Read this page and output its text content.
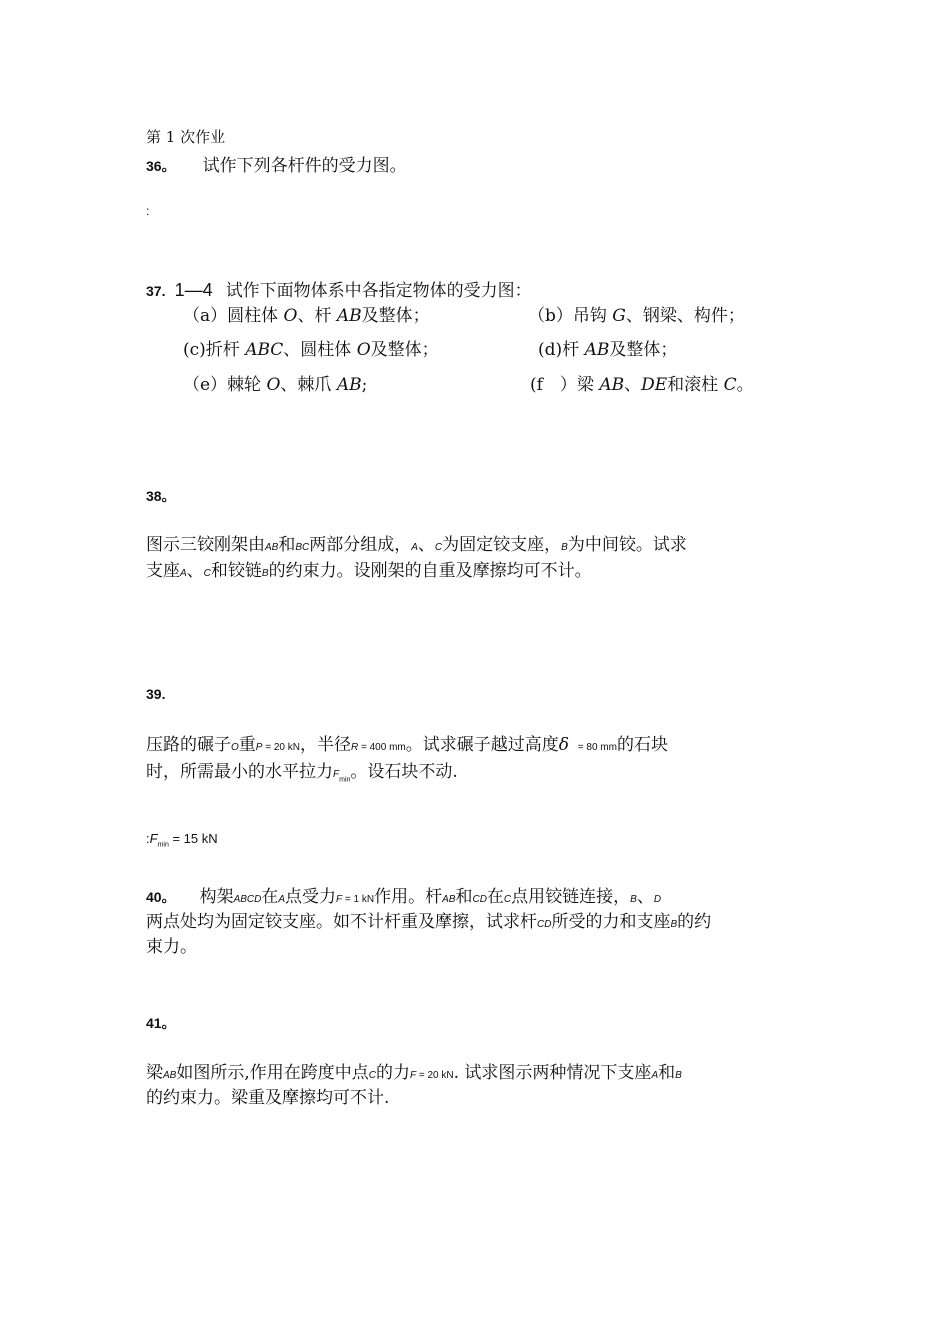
第 1 次作业
36。 试作下列各杆件的受力图。
:
37. 1—4 试作下面物体系中各指定物体的受力图：
（a）圆柱体 O、杆 AB及整体；	（b）吊钩 G、钢梁、构件；
(c)折杆 ABC、圆柱体 O及整体；	(d)杆 AB及整体；
（e）棘轮 O、棘爪 AB;	(f　）梁 AB、DE和滚柱 C。
38。
图示三铰刚架由AB和BC两部分组成，A、C为固定铰支座，B为中间铰。试求
支座A、C和铰链B的约束力。设刚架的自重及摩擦均可不计。
39.
压路的碾子O重P = 20 kN，半径R = 400 mm。试求碾子越过高度δ = 80 mm的石块
时，所需最小的水平拉力$F_{min}$。设石块不动.
$:F_{min} = 15$ kN
40。 构架ABCD在A点受力F = 1 kN作用。杆AB和CD在C点用铰链连接，B、D
两点处均为固定铰支座。如不计杆重及摩擦，试求杆CD所受的力和支座B的约
束力。
41。
梁AB如图所示,作用在跨度中点C的力F = 20 kN. 试求图示两种情况下支座A和B
的约束力。梁重及摩擦均可不计.
